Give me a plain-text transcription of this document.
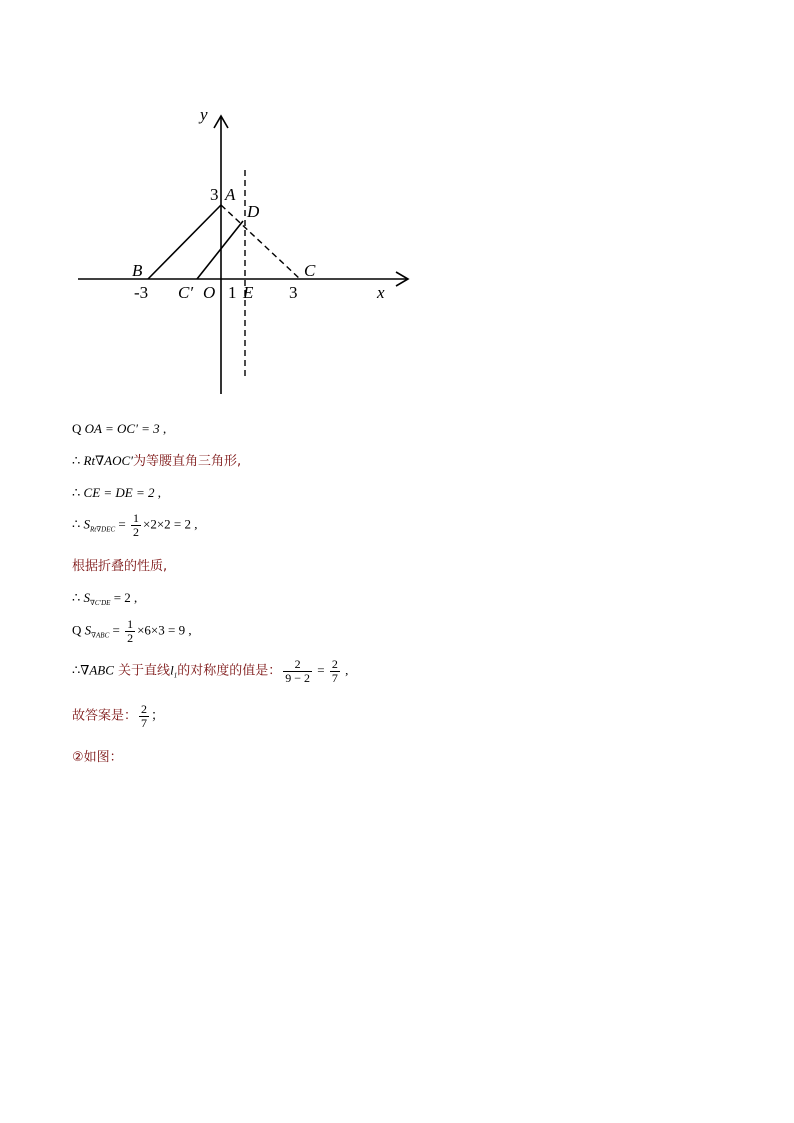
y
x
A
3
D
B	C
-3 C′ O 1 E 3
Q OA = OC′ = 3 ,
∴ Rt∇AOC′为等腰直角三角形,
∴ CE = DE = 2 ,
∴ $S_{Rt\nabla DEC} = \frac{1}{2} \times 2\times 2 = 2$ ,
根据折叠的性质,
∴ $S_{\nabla C'DE} = 2$ ,
Q $S_{\nabla ABC} = \frac{1}{2} \times 6\times 3 = 9$ ,
∴∇ABC 关于直线$l_1$的对称度的值是： $\frac{2}{9 - 2} = \frac{2}{7}$ ,
故答案是： $\frac{2}{7}$ ；
②如图：
